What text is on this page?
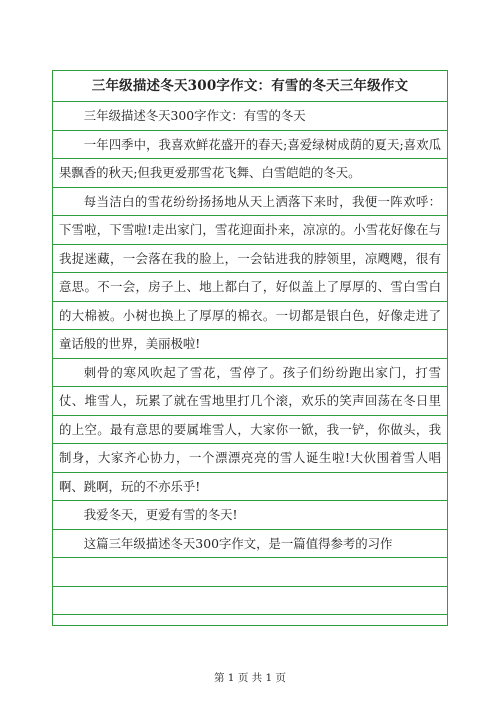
三年级描述冬天300字作文：有雪的冬天三年级作文

三年级描述冬天300字作文：有雪的冬天

一年四季中，我喜欢鲜花盛开的春天;喜爱绿树成荫的夏天;喜欢瓜果飘香的秋天;但我更爱那雪花飞舞、白雪皑皑的冬天。

每当洁白的雪花纷纷扬扬地从天上洒落下来时，我便一阵欢呼：下雪啦，下雪啦!走出家门，雪花迎面扑来，凉凉的。小雪花好像在与我捉迷藏，一会落在我的脸上，一会钻进我的脖领里，凉飕飕，很有意思。不一会，房子上、地上都白了，好似盖上了厚厚的、雪白雪白的大棉被。小树也换上了厚厚的棉衣。一切都是银白色，好像走进了童话般的世界，美丽极啦!

刺骨的寒风吹起了雪花，雪停了。孩子们纷纷跑出家门，打雪仗、堆雪人，玩累了就在雪地里打几个滚，欢乐的笑声回荡在冬日里的上空。最有意思的要属堆雪人，大家你一锨，我一铲，你做头，我制身，大家齐心协力，一个漂漂亮亮的雪人诞生啦!大伙围着雪人唱啊、跳啊，玩的不亦乐乎!

我爱冬天，更爱有雪的冬天!

这篇三年级描述冬天300字作文，是一篇值得参考的习作

第 1 页 共 1 页
